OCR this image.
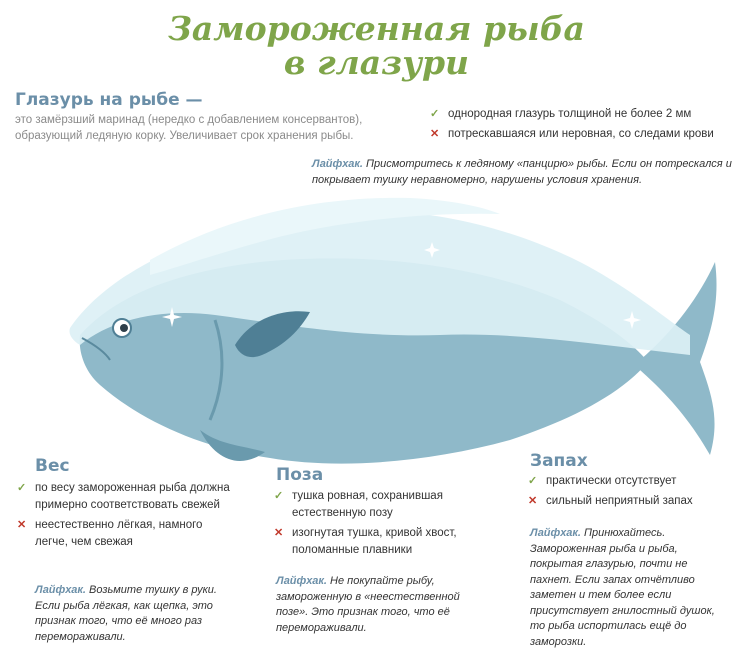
Замороженная рыба
в глазури
Глазурь на рыбе —
это замёрзший маринад (нередко с добавлением консервантов), образующий ледяную корку. Увеличивает срок хранения рыбы.
✓ однородная глазурь толщиной не более 2 мм
✕ потрескавшаяся или неровная, со следами крови
Лайфхак. Присмотритесь к ледяному «панцирю» рыбы. Если он потрескался и покрывает тушку неравномерно, нарушены условия хранения.
Вес
✓ по весу замороженная рыба должна примерно соответствовать свежей
✕ неестественно лёгкая, намного легче, чем свежая
Лайфхак. Возьмите тушку в руки. Если рыба лёгкая, как щепка, это признак того, что её много раз перемораживали.
Поза
✓ тушка ровная, сохранившая естественную позу
✕ изогнутая тушка, кривой хвост, поломанные плавники
Лайфхак. Не покупайте рыбу, замороженную в «неестественной позе». Это признак того, что её перемораживали.
Запах
✓ практически отсутствует
✕ сильный неприятный запах
Лайфхак. Принюхайтесь. Замороженная рыба и рыба, покрытая глазурью, почти не пахнет. Если запах отчётливо заметен и тем более если присутствует гнилостный душок, то рыба испортилась ещё до заморозки.
